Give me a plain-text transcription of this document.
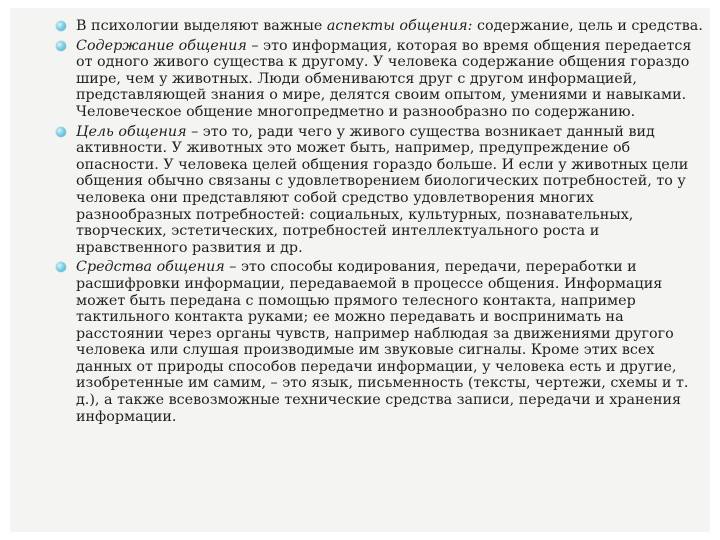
В психологии выделяют важные аспекты общения: содержание, цель и средства.
Содержание общения – это информация, которая во время общения передается от одного живого существа к другому. У человека содержание общения гораздо шире, чем у животных. Люди обмениваются друг с другом информацией, представляющей знания о мире, делятся своим опытом, умениями и навыками. Человеческое общение многопредметно и разнообразно по содержанию.
Цель общения – это то, ради чего у живого существа возникает данный вид активности. У животных это может быть, например, предупреждение об опасности. У человека целей общения гораздо больше. И если у животных цели общения обычно связаны с удовлетворением биологических потребностей, то у человека они представляют собой средство удовлетворения многих разнообразных потребностей: социальных, культурных, познавательных, творческих, эстетических, потребностей интеллектуального роста и нравственного развития и др.
Средства общения – это способы кодирования, передачи, переработки и расшифровки информации, передаваемой в процессе общения. Информация может быть передана с помощью прямого телесного контакта, например тактильного контакта руками; ее можно передавать и воспринимать на расстоянии через органы чувств, например наблюдая за движениями другого человека или слушая производимые им звуковые сигналы. Кроме этих всех данных от природы способов передачи информации, у человека есть и другие, изобретенные им самим, – это язык, письменность (тексты, чертежи, схемы и т. д.), а также всевозможные технические средства записи, передачи и хранения информации.
